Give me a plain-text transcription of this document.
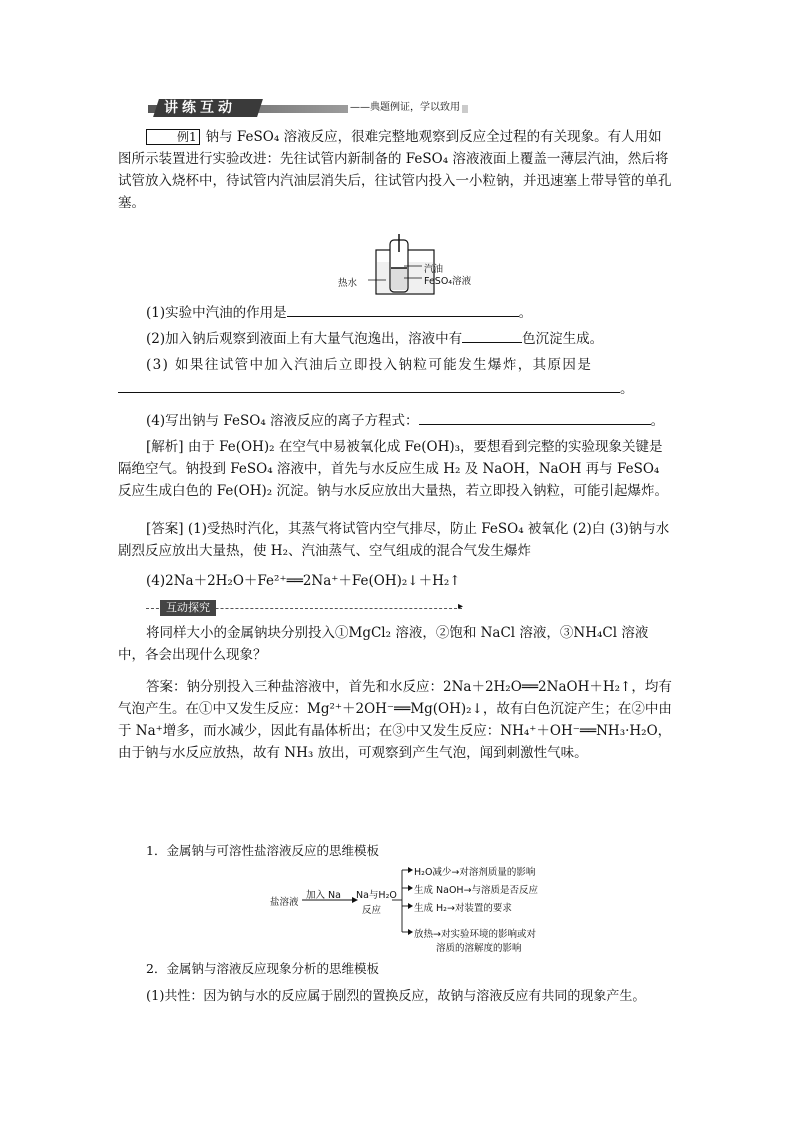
讲练互动	——典题例证，学以致用
例1 钠与 FeSO₄ 溶液反应，很难完整地观察到反应全过程的有关现象。有人用如图所示装置进行实验改进：先往试管内新制备的 FeSO₄ 溶液液面上覆盖一薄层汽油，然后将试管放入烧杯中，待试管内汽油层消失后，往试管内投入一小粒钠，并迅速塞上带导管的单孔塞。
热水
汽油
FeSO₄溶液
(1)实验中汽油的作用是	。
(2)加入钠后观察到液面上有大量气泡逸出，溶液中有	色沉淀生成。
(3) 如果往试管中加入汽油后立即投入钠粒可能发生爆炸，其原因是
。
(4)写出钠与 FeSO₄ 溶液反应的离子方程式：	。
[解析] 由于 Fe(OH)₂ 在空气中易被氧化成 Fe(OH)₃，要想看到完整的实验现象关键是隔绝空气。钠投到 FeSO₄ 溶液中，首先与水反应生成 H₂ 及 NaOH，NaOH 再与 FeSO₄ 反应生成白色的 Fe(OH)₂ 沉淀。钠与水反应放出大量热，若立即投入钠粒，可能引起爆炸。
[答案] (1)受热时汽化，其蒸气将试管内空气排尽，防止 FeSO₄ 被氧化 (2)白 (3)钠与水剧烈反应放出大量热，使 H₂、汽油蒸气、空气组成的混合气发生爆炸
(4)2Na＋2H₂O＋Fe²⁺══2Na⁺＋Fe(OH)₂↓＋H₂↑
互动探究	▸
将同样大小的金属钠块分别投入①MgCl₂ 溶液，②饱和 NaCl 溶液，③NH₄Cl 溶液中，各会出现什么现象？
答案：钠分别投入三种盐溶液中，首先和水反应：2Na＋2H₂O══2NaOH＋H₂↑，均有气泡产生。在①中又发生反应：Mg²⁺＋2OH⁻══Mg(OH)₂↓，故有白色沉淀产生；在②中由于 Na⁺增多，而水减少，因此有晶体析出；在③中又发生反应：NH₄⁺＋OH⁻══NH₃·H₂O，由于钠与水反应放热，故有 NH₃ 放出，可观察到产生气泡，闻到刺激性气味。
1．金属钠与可溶性盐溶液反应的思维模板
盐溶液
加入 Na Na与H₂O
反应
H₂O减少→对溶剂质量的影响
生成 NaOH→与溶质是否反应
生成 H₂→对装置的要求
放热→对实验环境的影响或对
溶质的溶解度的影响
2．金属钠与溶液反应现象分析的思维模板
(1)共性：因为钠与水的反应属于剧烈的置换反应，故钠与溶液反应有共同的现象产生。
